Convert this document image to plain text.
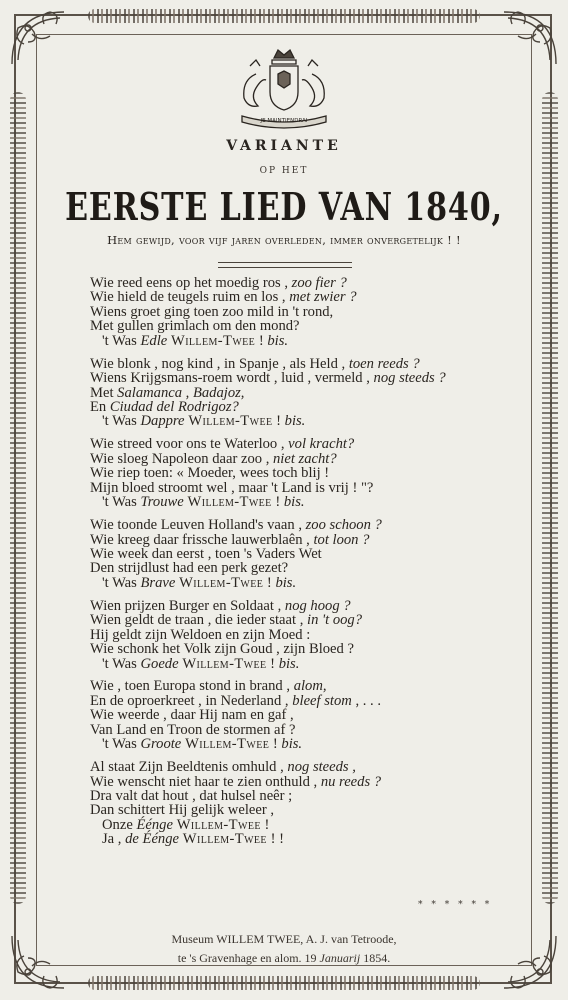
JE MAINTIENDRAI
VARIANTE
OP HET
EERSTE LIED VAN 1840,
Hem gewijd, voor vijf jaren overleden, immer onvergetelijk ! !
Wie reed eens op het moedig ros , zoo fier ?
Wie hield de teugels ruim en los , met zwier ?
Wiens groet ging toen zoo mild in 't rond,
Met gullen grimlach om den mond?
't Was Edle Willem-Twee ! bis.
Wie blonk , nog kind , in Spanje , als Held , toen reeds ?
Wiens Krijgsmans-roem wordt , luid , vermeld , nog steeds ?
Met Salamanca , Badajoz,
En Ciudad del Rodrigoz?
't Was Dappre Willem-Twee ! bis.
Wie streed voor ons te Waterloo , vol kracht?
Wie sloeg Napoleon daar zoo , niet zacht?
Wie riep toen: « Moeder, wees toch blij !
Mijn bloed stroomt wel , maar 't Land is vrij ! "?
't Was Trouwe Willem-Twee ! bis.
Wie toonde Leuven Holland's vaan , zoo schoon ?
Wie kreeg daar frissche lauwerblaên , tot loon ?
Wie week dan eerst , toen 's Vaders Wet
Den strijdlust had een perk gezet?
't Was Brave Willem-Twee ! bis.
Wien prijzen Burger en Soldaat , nog hoog ?
Wien geldt de traan , die ieder staat , in 't oog?
Hij geldt zijn Weldoen en zijn Moed :
Wie schonk het Volk zijn Goud , zijn Bloed ?
't Was Goede Willem-Twee ! bis.
Wie , toen Europa stond in brand , alom,
En de oproerkreet , in Nederland , bleef stom , . . .
Wie weerde , daar Hij nam en gaf ,
Van Land en Troon de stormen af ?
't Was Groote Willem-Twee ! bis.
Al staat Zijn Beeldtenis omhuld , nog steeds ,
Wie wenscht niet haar te zien onthuld , nu reeds ?
Dra valt dat hout , dat hulsel neêr ;
Dan schittert Hij gelijk weleer ,
Onze Éénge Willem-Twee !
Ja , de Éénge Willem-Twee ! !
* * * * * *
Museum WILLEM TWEE, A. J. van Tetroode,
te 's Gravenhage en alom. 19 Januarij 1854.
